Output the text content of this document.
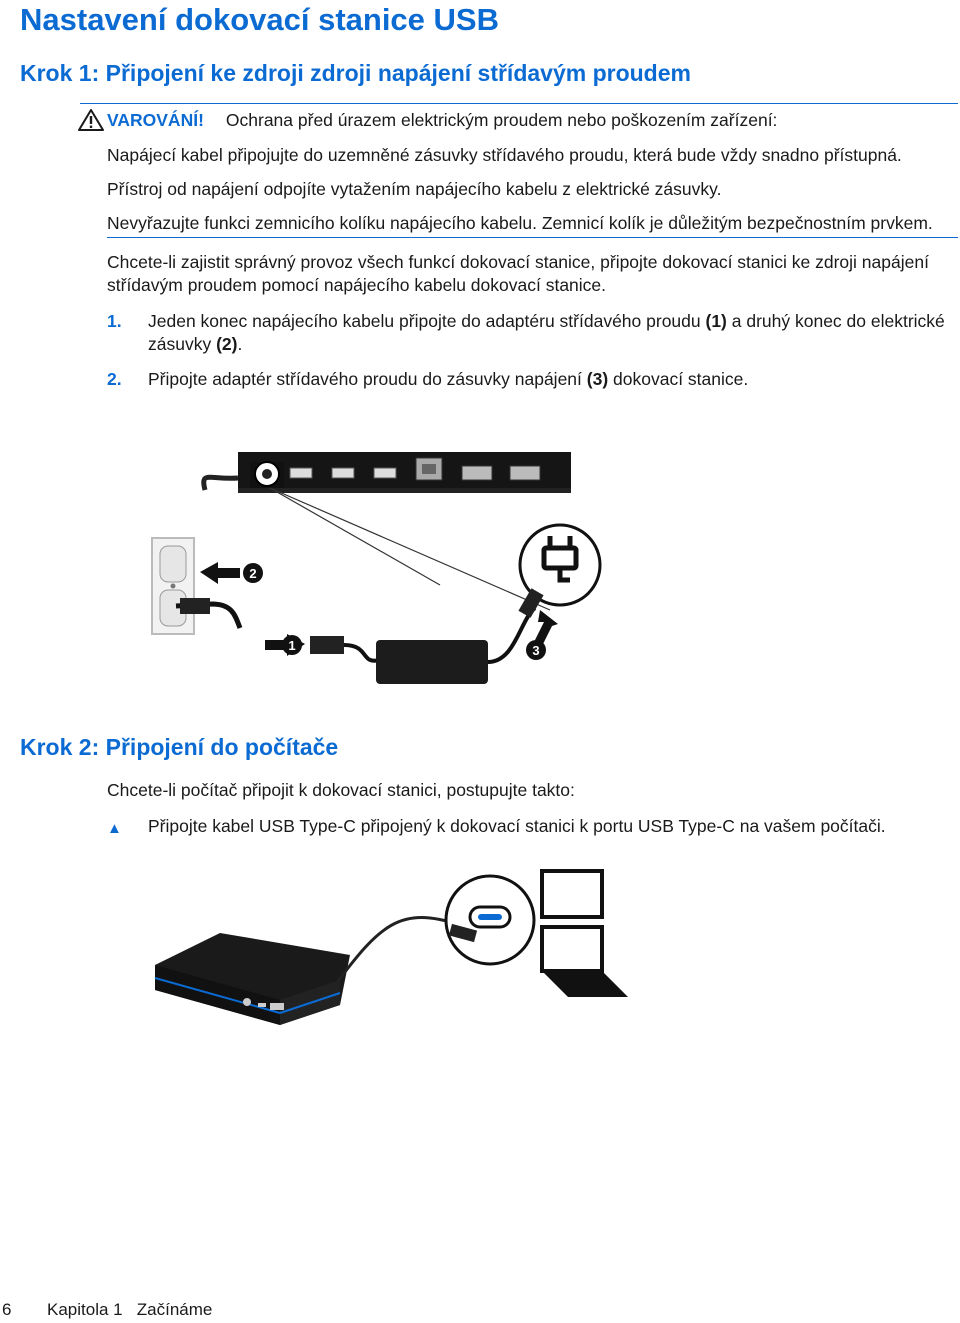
Nastavení dokovací stanice USB
Krok 1: Připojení ke zdroji zdroji napájení střídavým proudem
VAROVÁNÍ! Ochrana před úrazem elektrickým proudem nebo poškozením zařízení:
Napájecí kabel připojujte do uzemněné zásuvky střídavého proudu, která bude vždy snadno přístupná.
Přístroj od napájení odpojíte vytažením napájecího kabelu z elektrické zásuvky.
Nevyřazujte funkci zemnicího kolíku napájecího kabelu. Zemnicí kolík je důležitým bezpečnostním prvkem.
Chcete-li zajistit správný provoz všech funkcí dokovací stanice, připojte dokovací stanici ke zdroji napájení
střídavým proudem pomocí napájecího kabelu dokovací stanice.
1. Jeden konec napájecího kabelu připojte do adaptéru střídavého proudu (1) a druhý konec do elektrické
zásuvky (2).
2. Připojte adaptér střídavého proudu do zásuvky napájení (3) dokovací stanice.
2
1	3
Krok 2: Připojení do počítače
Chcete-li počítač připojit k dokovací stanici, postupujte takto:
▲ Připojte kabel USB Type-C připojený k dokovací stanici k portu USB Type-C na vašem počítači.
6 Kapitola 1   Začínáme
